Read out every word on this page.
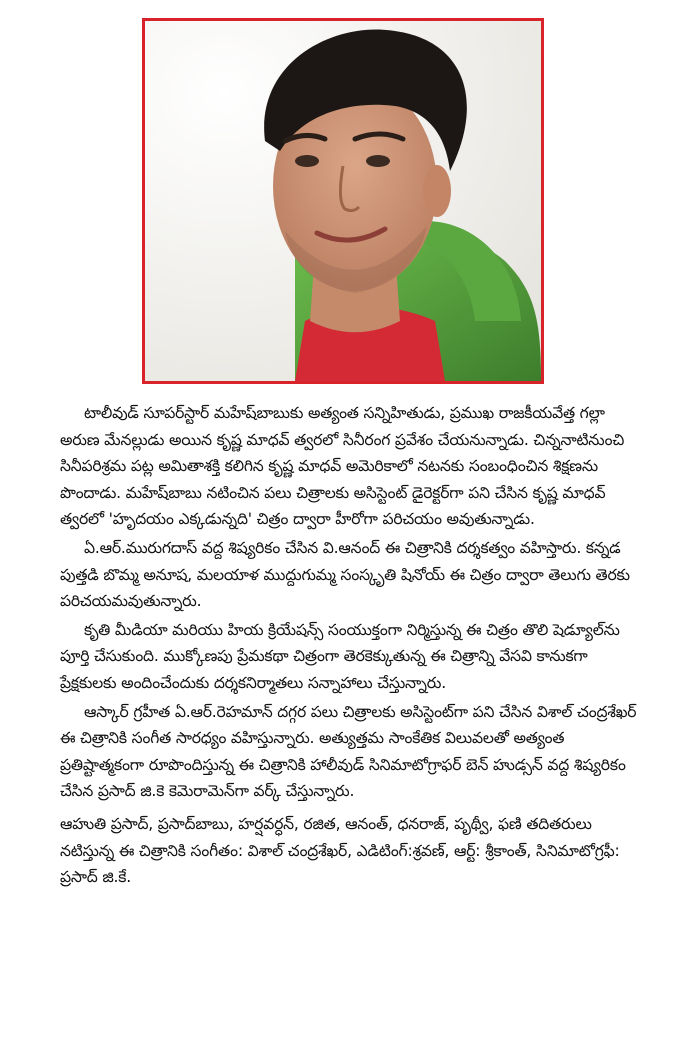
టాలీవుడ్ సూపర్‌స్టార్ మహేష్‌బాబుకు అత్యంత సన్నిహితుడు, ప్రముఖ రాజకీయవేత్త గల్లా అరుణ మేనల్లుడు అయిన కృష్ణ మాధవ్ త్వరలో సినీరంగ ప్రవేశం చేయనున్నాడు. చిన్ననాటినుంచి సినీపరిశ్రమ పట్ల అమితాశక్తి కలిగిన కృష్ణ మాధవ్ అమెరికాలో నటనకు సంబంధించిన శిక్షణను పొందాడు. మహేష్‌బాబు నటించిన పలు చిత్రాలకు అసిస్టెంట్ డైరెక్టర్‌గా పని చేసిన కృష్ణ మాధవ్ త్వరలో 'హృదయం ఎక్కడున్నది' చిత్రం ద్వారా హీరోగా పరిచయం అవుతున్నాడు.

ఏ.ఆర్.మురుగదాస్ వద్ద శిష్యరికం చేసిన వి.ఆనంద్ ఈ చిత్రానికి దర్శకత్వం వహిస్తారు. కన్నడ పుత్తడి బొమ్మ అనూష, మలయాళ ముద్దుగుమ్మ సంస్కృతి షినోయ్ ఈ చిత్రం ద్వారా తెలుగు తెరకు పరిచయమవుతున్నారు.

కృతి మీడియా మరియు హియ క్రియేషన్స్ సంయుక్తంగా నిర్మిస్తున్న ఈ చిత్రం తొలి షెడ్యూల్‌ను పూర్తి చేసుకుంది. ముక్కోణపు ప్రేమకథా చిత్రంగా తెరకెక్కుతున్న ఈ చిత్రాన్ని వేసవి కానుకగా ప్రేక్షకులకు అందించేందుకు దర్శకనిర్మాతలు సన్నాహాలు చేస్తున్నారు.

ఆస్కార్ గ్రహీత ఏ.ఆర్.రెహమాన్ దగ్గర పలు చిత్రాలకు అసిస్టెంట్‌గా పని చేసిన విశాల్ చంద్రశేఖర్ ఈ చిత్రానికి సంగీత సారధ్యం వహిస్తున్నారు. అత్యుత్తమ సాంకేతిక విలువలతో అత్యంత ప్రతిష్టాత్మకంగా రూపొందిస్తున్న ఈ చిత్రానికి హాలీవుడ్ సినిమాటోగ్రాఫర్ బెన్ హుడ్సన్ వద్ద శిష్యరికం చేసిన ప్రసాద్ జి.కె కెమెరామెన్‌గా వర్క్ చేస్తున్నారు.

ఆహుతి ప్రసాద్, ప్రసాద్‌బాబు, హర్షవర్ధన్, రజిత, ఆనంత్, ధనరాజ్, పృథ్వీ, ఫణి తదితరులు నటిస్తున్న ఈ చిత్రానికి సంగీతం: విశాల్ చంద్రశేఖర్, ఎడిటింగ్:శ్రవణ్, ఆర్ట్: శ్రీకాంత్, సినిమాటోగ్రఫీ: ప్రసాద్ జి.కే.
